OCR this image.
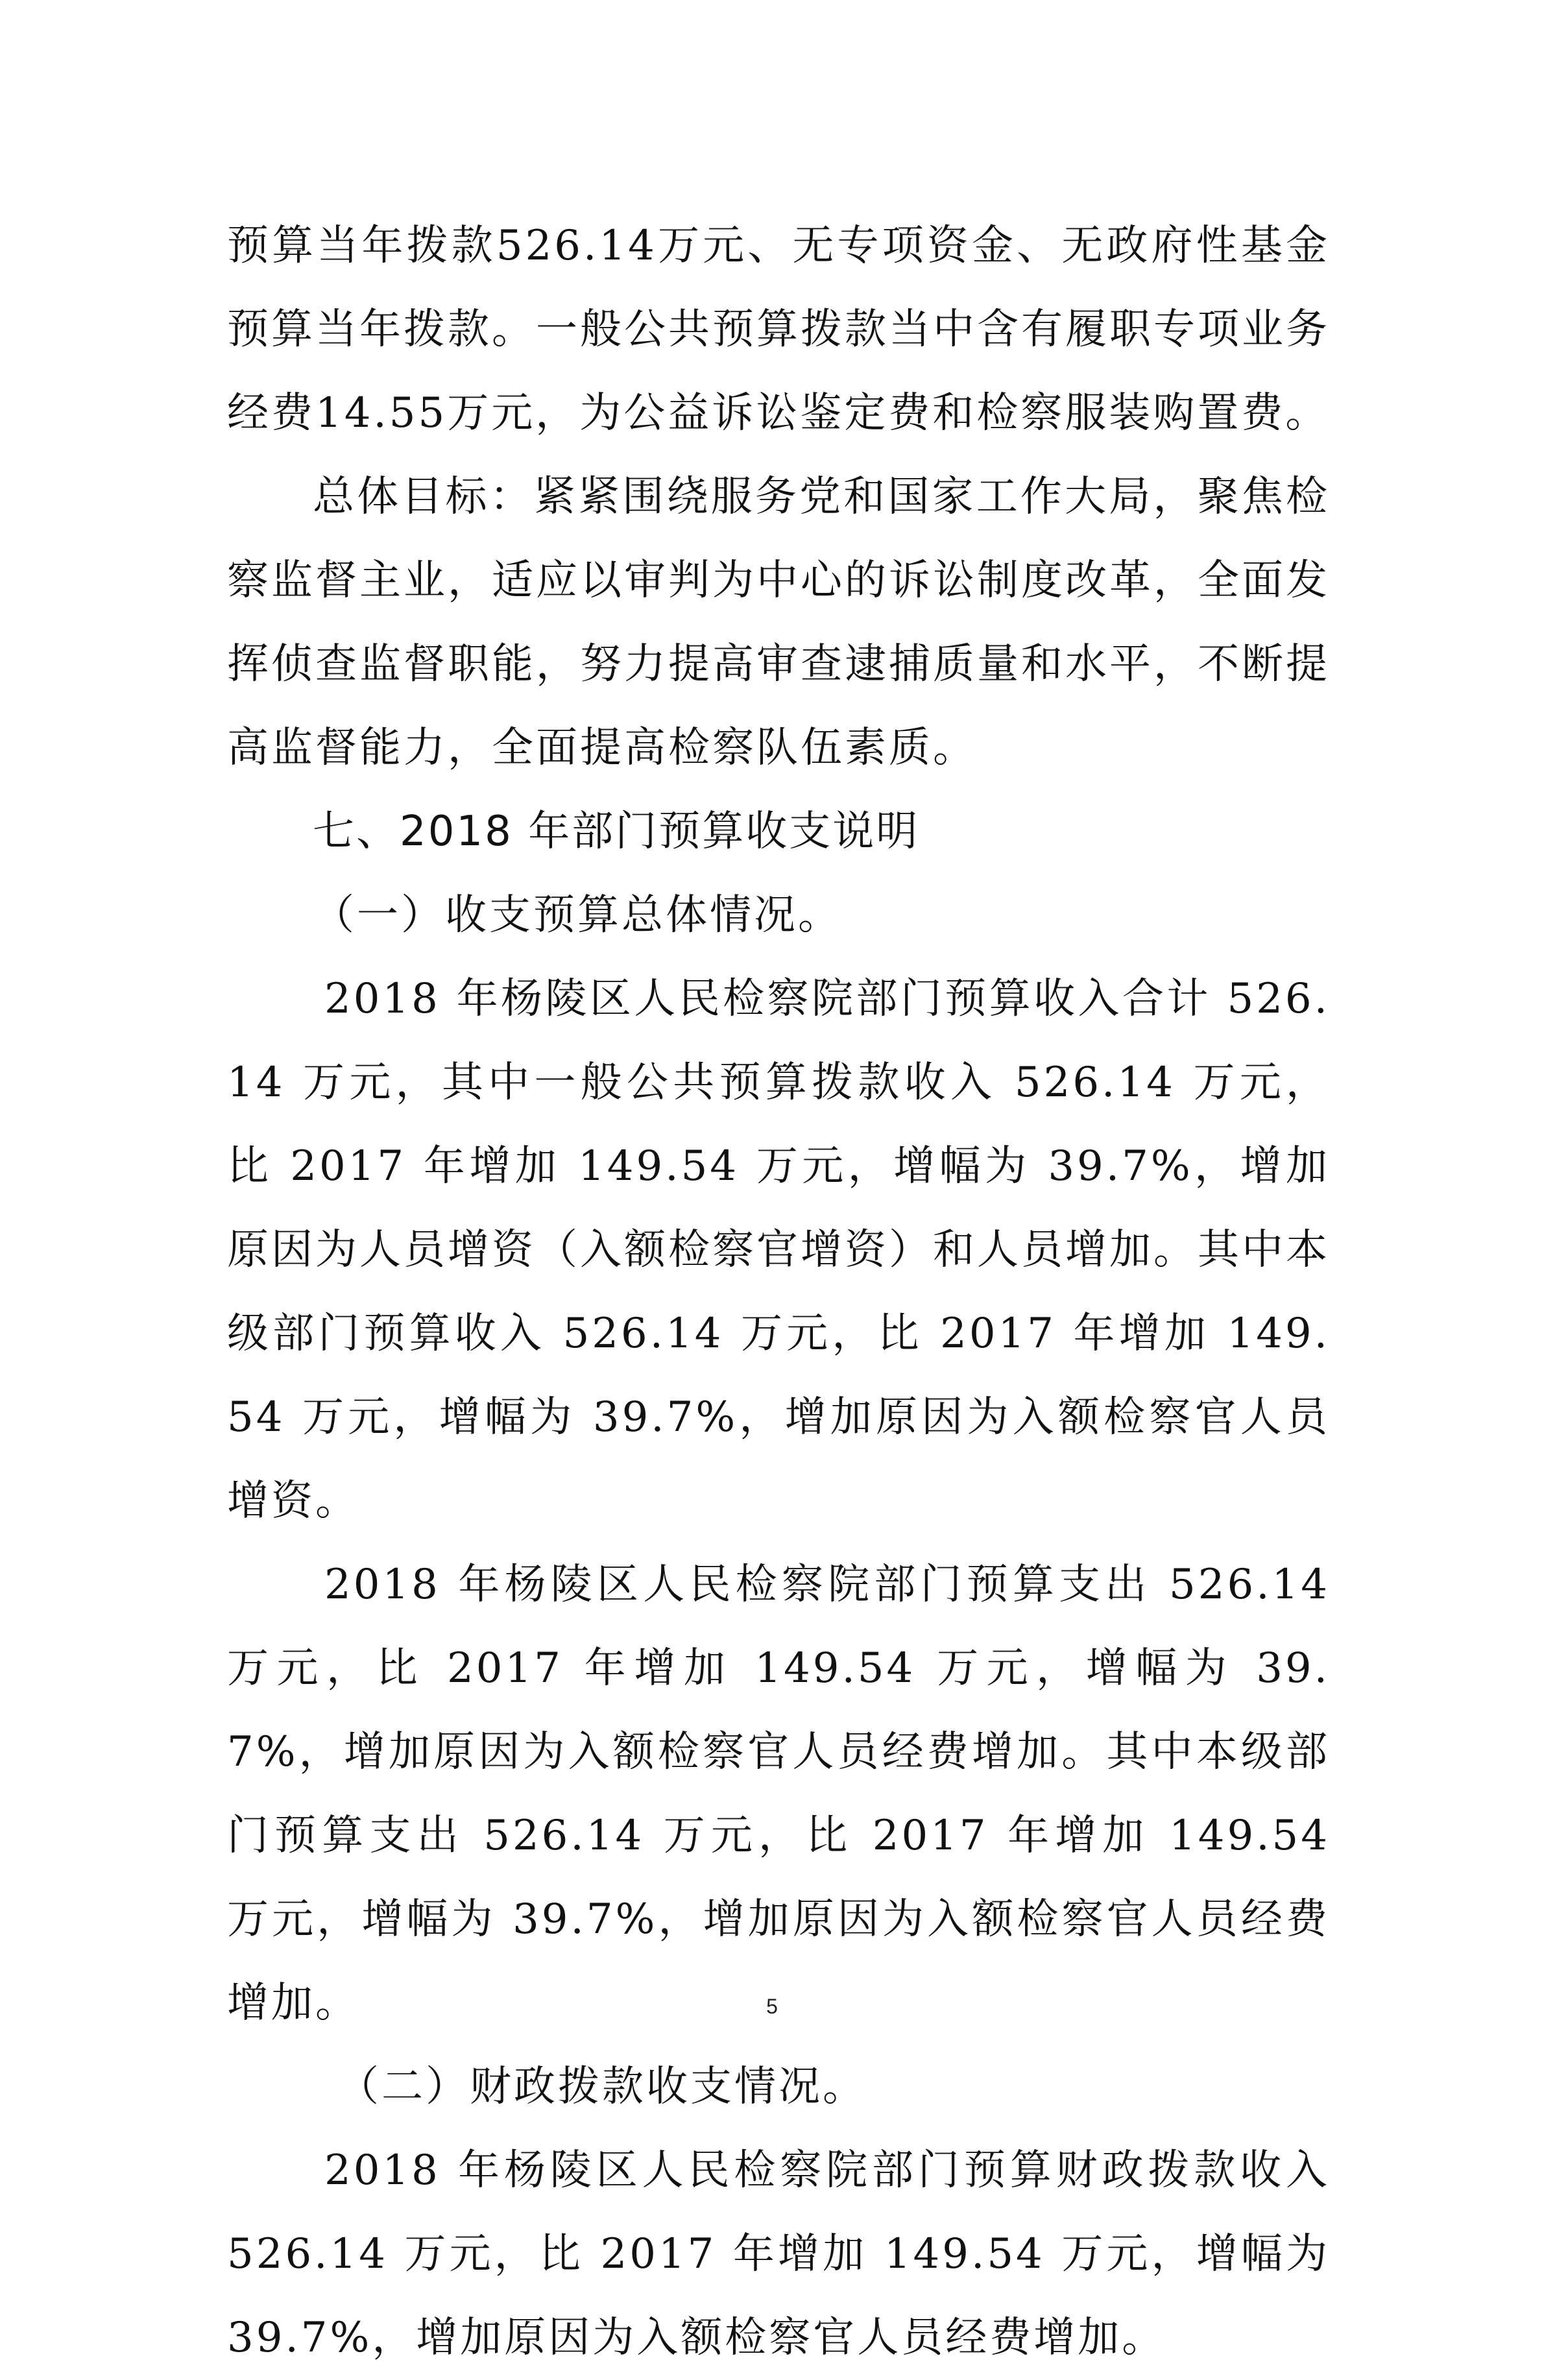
预算当年拨款526.14万元、无专项资金、无政府性基金预算当年拨款。一般公共预算拨款当中含有履职专项业务经费14.55万元，为公益诉讼鉴定费和检察服装购置费。

总体目标：紧紧围绕服务党和国家工作大局，聚焦检察监督主业，适应以审判为中心的诉讼制度改革，全面发挥侦查监督职能，努力提高审查逮捕质量和水平，不断提高监督能力，全面提高检察队伍素质。

七、2018 年部门预算收支说明

（一）收支预算总体情况。

2018 年杨陵区人民检察院部门预算收入合计 526.14 万元，其中一般公共预算拨款收入 526.14 万元，比 2017 年增加 149.54 万元，增幅为 39.7%，增加原因为人员增资（入额检察官增资）和人员增加。其中本级部门预算收入 526.14 万元，比 2017 年增加 149.54 万元，增幅为 39.7%，增加原因为入额检察官人员增资。

2018 年杨陵区人民检察院部门预算支出 526.14 万元，比 2017 年增加 149.54 万元，增幅为 39.7%，增加原因为入额检察官人员经费增加。其中本级部门预算支出 526.14 万元，比 2017 年增加 149.54 万元，增幅为 39.7%，增加原因为入额检察官人员经费增加。

（二）财政拨款收支情况。

2018 年杨陵区人民检察院部门预算财政拨款收入 526.14 万元，比 2017 年增加 149.54 万元，增幅为 39.7%，增加原因为入额检察官人员经费增加。

5
